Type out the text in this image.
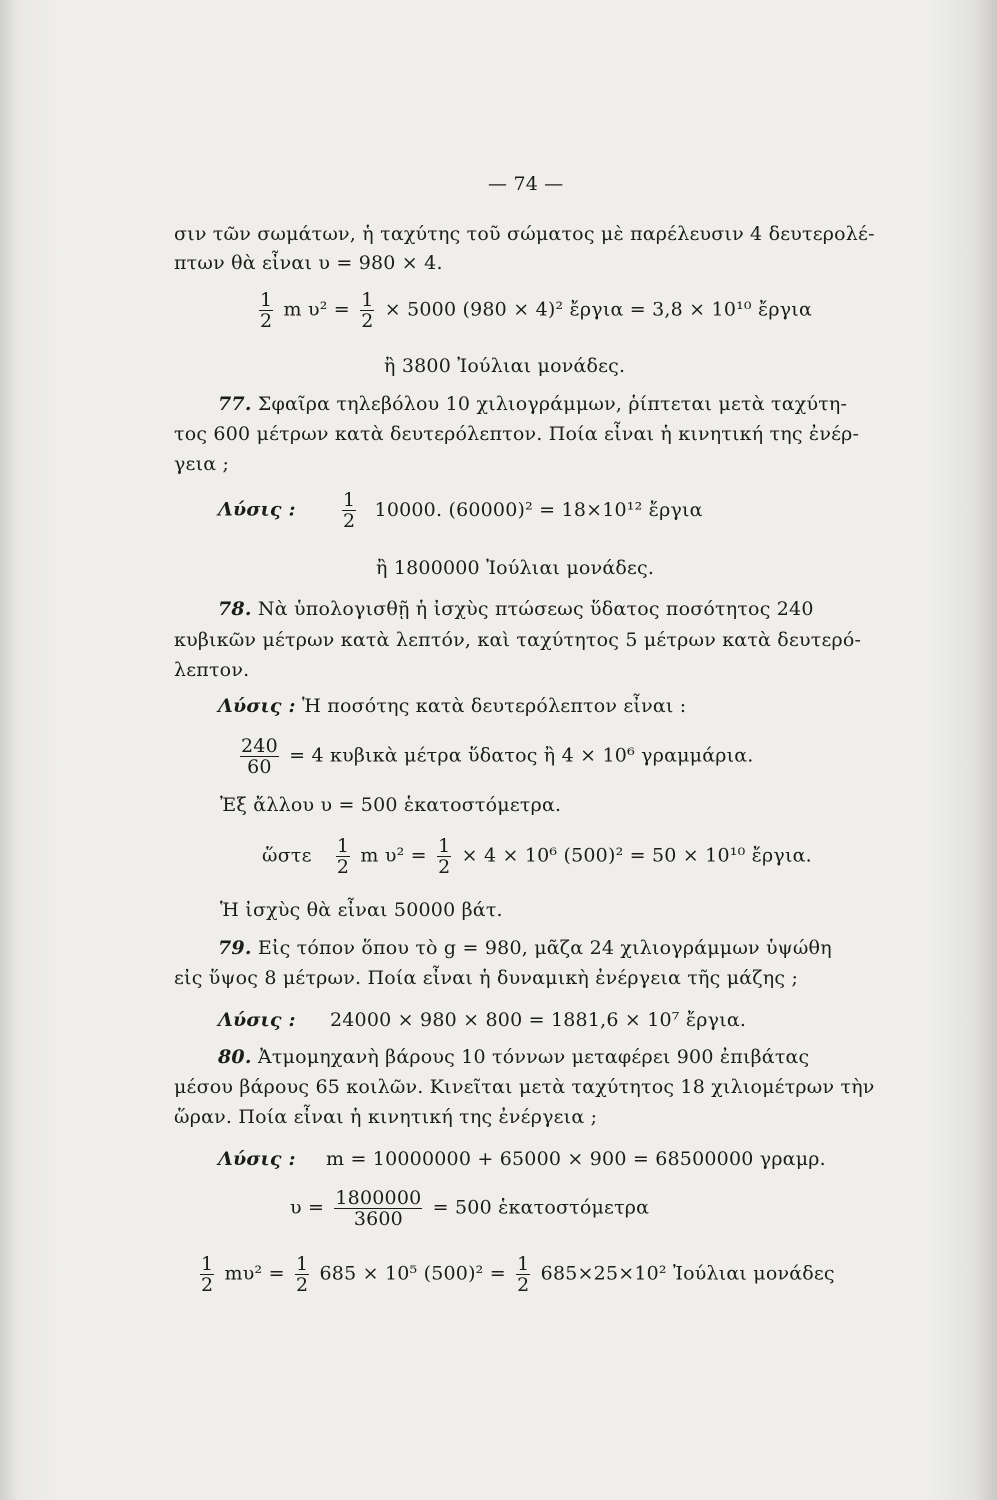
— 74 —
σιν τῶν σωμάτων, ἡ ταχύτης τοῦ σώματος μὲ παρέλευσιν 4 δευτερολέ-
πτων θὰ εἶναι υ = 980 × 4.
$\frac{1}{2}$ m $\upsilon^2 = \frac{1}{2} \times 5000$ (980 × 4)² ἔργια = 3,8 × 10¹⁰ ἔργια
ἢ 3800 Ἰούλιαι μονάδες.
77. Σφαῖρα τηλεβόλου 10 χιλιογράμμων, ῥίπτεται μετὰ ταχύτη-
τος 600 μέτρων κατὰ δευτερόλεπτον. Ποία εἶναι ἡ κινητική της ἐνέρ-
γεια ;
Λύσις : $\frac{1}{2} 10000$. (60000)² = 18×10¹² ἔργια
ἢ 1800000 Ἰούλιαι μονάδες.
78. Νὰ ὑπολογισθῇ ἡ ἰσχὺς πτώσεως ὕδατος ποσότητος 240
κυβικῶν μέτρων κατὰ λεπτόν, καὶ ταχύτητος 5 μέτρων κατὰ δευτερό-
λεπτον.
Λύσις : Ἡ ποσότης κατὰ δευτερόλεπτον εἶναι :
$\frac{240}{60} = 4$ κυβικὰ μέτρα ὕδατος ἢ 4 × 10⁶ γραμμάρια.
Ἐξ ἄλλου υ = 500 ἑκατοστόμετρα.
ὥστε $\frac{1}{2}$ m $\upsilon^2 = \frac{1}{2} \times 4 \times 10^6$ (500)² = 50 × 10¹⁰ ἔργια.
Ἡ ἰσχὺς θὰ εἶναι 50000 βάτ.
79. Εἰς τόπον ὅπου τὸ g = 980, μᾶζα 24 χιλιογράμμων ὑψώθη
εἰς ὕψος 8 μέτρων. Ποία εἶναι ἡ δυναμικὴ ἐνέργεια τῆς μάζης ;
Λύσις : 24000 × 980 × 800 = 1881,6 × 10⁷ ἔργια.
80. Ἀτμομηχανὴ βάρους 10 τόννων μεταφέρει 900 ἐπιβάτας
μέσου βάρους 65 κοιλῶν. Κινεῖται μετὰ ταχύτητος 18 χιλιομέτρων τὴν
ὥραν. Ποία εἶναι ἡ κινητική της ἐνέργεια ;
Λύσις : m = 10000000 + 65000 × 900 = 68500000 γραμρ.
$\upsilon = \frac{1800000}{3600} = 500$ ἑκατοστόμετρα
$\frac{1}{2} m\upsilon^2 = \frac{1}{2} 685 \times 10^5$ $(500)^2 = \frac{1}{2} 685\times 25\times 10^2$ Ἰούλιαι μονάδες
